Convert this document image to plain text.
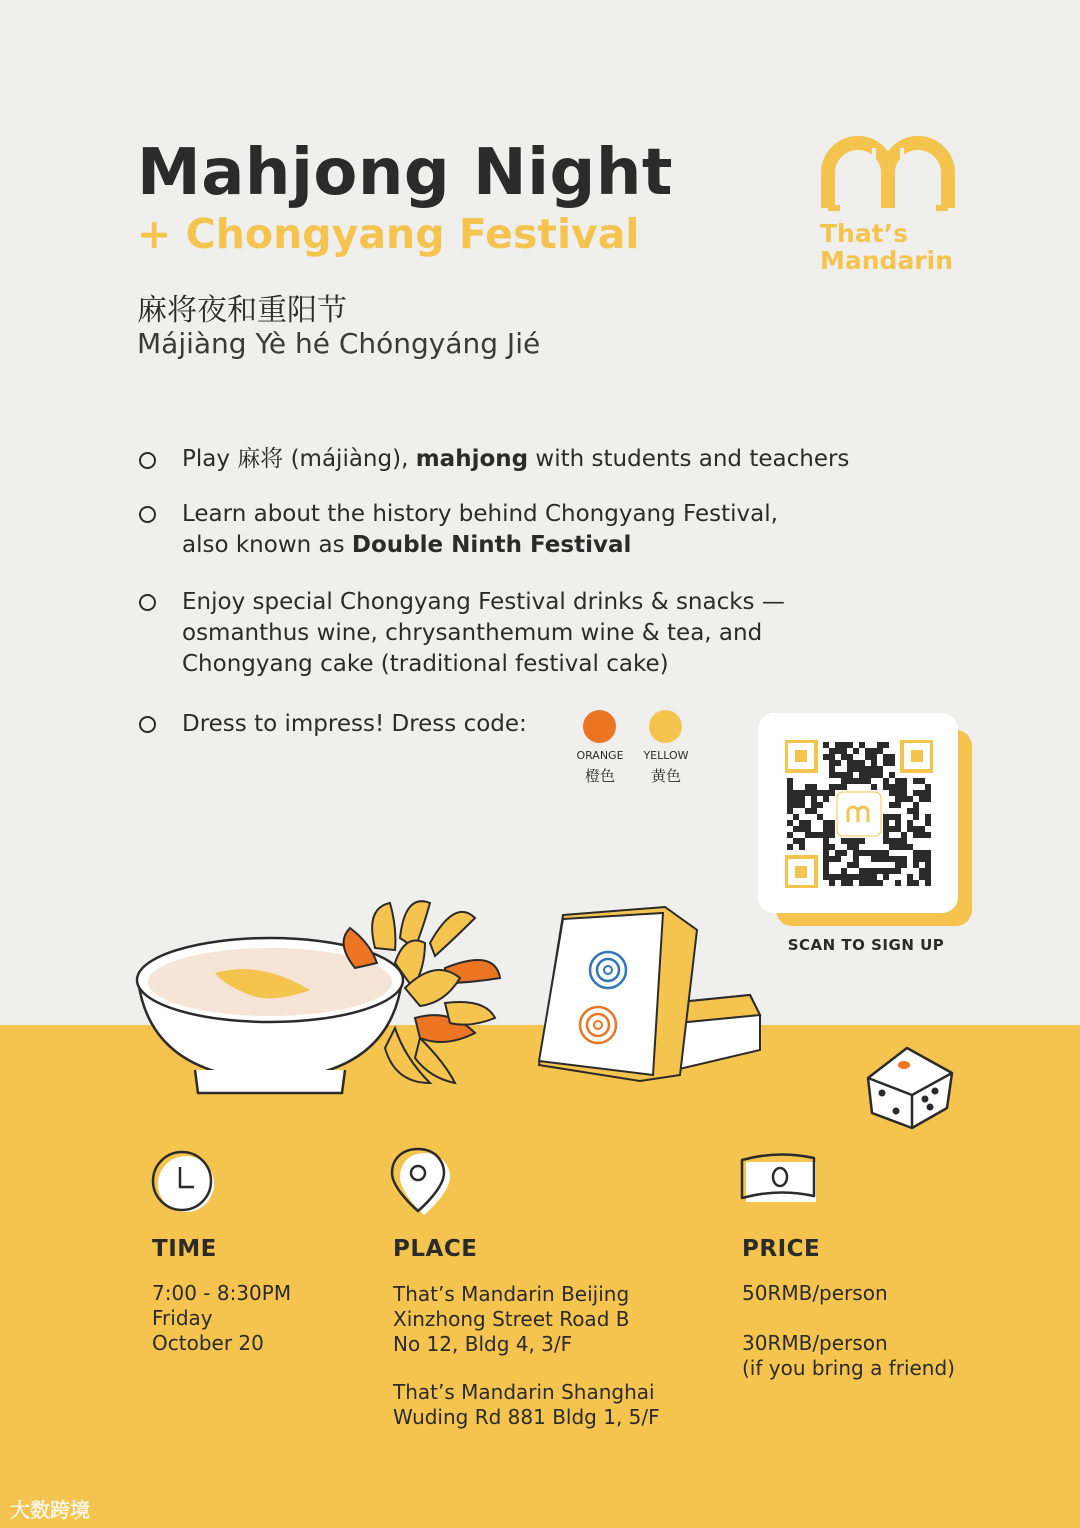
Mahjong Night
+ Chongyang Festival
麻将夜和重阳节
Májiàng Yè hé Chóngyáng Jié
That’s
Mandarin
Play 麻将 (májiàng), mahjong with students and teachers
Learn about the history behind Chongyang Festival,
also known as Double Ninth Festival
Enjoy special Chongyang Festival drinks & snacks —
osmanthus wine, chrysanthemum wine & tea, and
Chongyang cake (traditional festival cake)
Dress to impress! Dress code:
ORANGE
橙色
YELLOW
黄色
SCAN TO SIGN UP
TIME
7:00 - 8:30PM
Friday
October 20
PLACE
That’s Mandarin Beijing
Xinzhong Street Road B
No 12, Bldg 4, 3/F
That’s Mandarin Shanghai
Wuding Rd 881 Bldg 1, 5/F
PRICE
50RMB/person
30RMB/person
(if you bring a friend)
大数跨境
